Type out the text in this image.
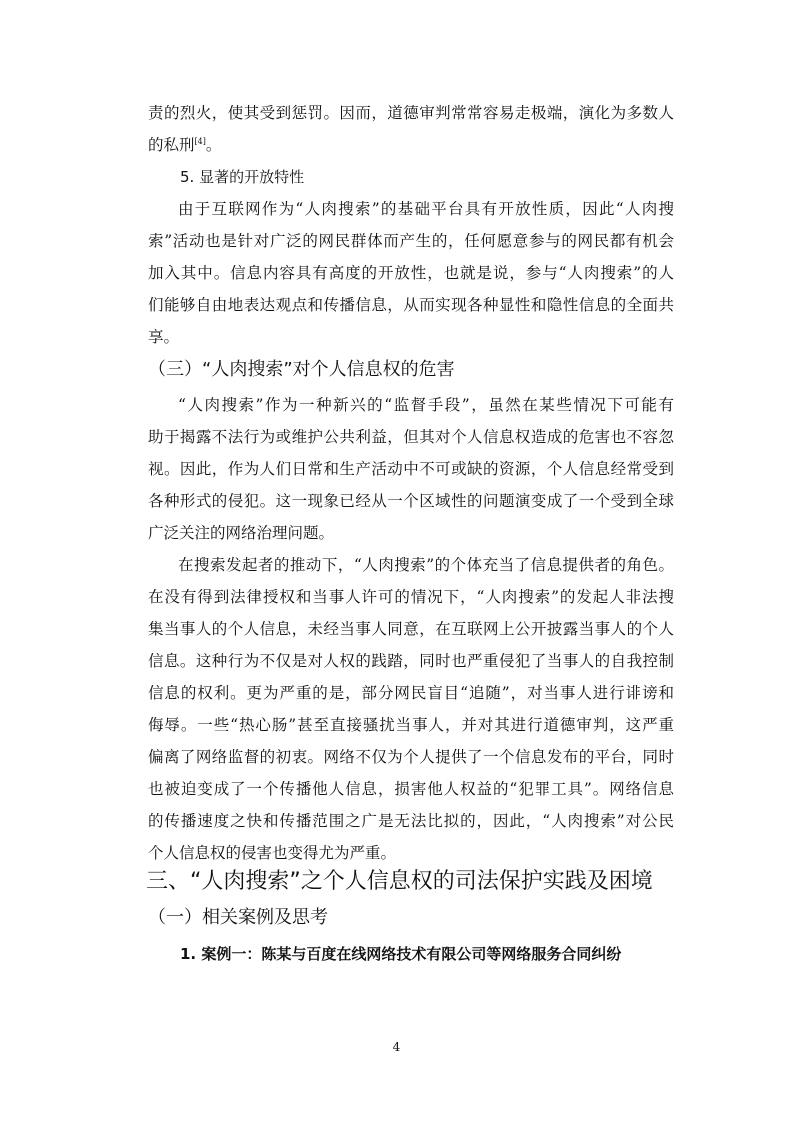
责的烈火，使其受到惩罚。因而，道德审判常常容易走极端，演化为多数人
的私刑[4]。
5. 显著的开放特性
由于互联网作为“人肉搜索”的基础平台具有开放性质，因此“人肉搜
索”活动也是针对广泛的网民群体而产生的，任何愿意参与的网民都有机会
加入其中。信息内容具有高度的开放性，也就是说，参与“人肉搜索”的人
们能够自由地表达观点和传播信息，从而实现各种显性和隐性信息的全面共
享。
（三）“人肉搜索”对个人信息权的危害
“人肉搜索”作为一种新兴的“监督手段”，虽然在某些情况下可能有
助于揭露不法行为或维护公共利益，但其对个人信息权造成的危害也不容忽
视。因此，作为人们日常和生产活动中不可或缺的资源，个人信息经常受到
各种形式的侵犯。这一现象已经从一个区域性的问题演变成了一个受到全球
广泛关注的网络治理问题。
在搜索发起者的推动下，“人肉搜索”的个体充当了信息提供者的角色。
在没有得到法律授权和当事人许可的情况下，“人肉搜索”的发起人非法搜
集当事人的个人信息，未经当事人同意，在互联网上公开披露当事人的个人
信息。这种行为不仅是对人权的践踏，同时也严重侵犯了当事人的自我控制
信息的权利。更为严重的是，部分网民盲目“追随”，对当事人进行诽谤和
侮辱。一些“热心肠”甚至直接骚扰当事人，并对其进行道德审判，这严重
偏离了网络监督的初衷。网络不仅为个人提供了一个信息发布的平台，同时
也被迫变成了一个传播他人信息，损害他人权益的“犯罪工具”。网络信息
的传播速度之快和传播范围之广是无法比拟的，因此，“人肉搜索”对公民
个人信息权的侵害也变得尤为严重。
三、“人肉搜索”之个人信息权的司法保护实践及困境
（一）相关案例及思考
1. 案例一：陈某与百度在线网络技术有限公司等网络服务合同纠纷
4
